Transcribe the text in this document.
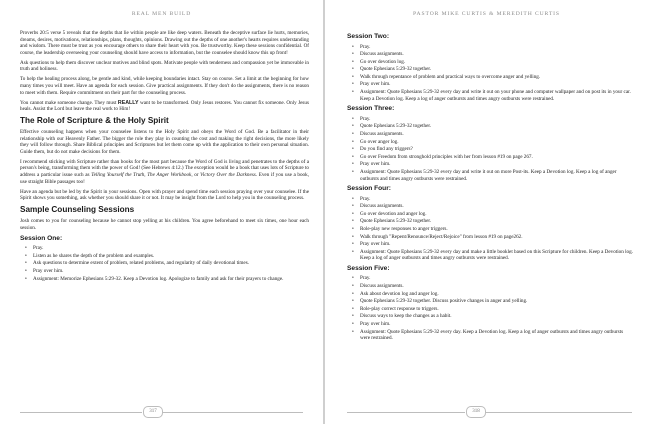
REAL MEN BUILD

Proverbs 20:5 verse 5 reveals that the depths that lie within people are like deep waters. Beneath the deceptive surface lie hurts, memories, dreams, desires, motivations, relationships, plans, thoughts, opinions. Drawing out the depths of one another's hearts requires understanding and wisdom. There must be trust as you encourage others to share their heart with you. Be trustworthy. Keep these sessions confidential. Of course, the leadership overseeing your counseling should have access to information, but the counselee should know this up front!

Ask questions to help them discover unclear motives and blind spots. Motivate people with tenderness and compassion yet be immovable in truth and holiness.

To help the healing process along, be gentle and kind, while keeping boundaries intact. Stay on course. Set a limit at the beginning for how many times you will meet. Have an agenda for each session. Give practical assignments. If they don't do the assignments, there is no reason to meet with them. Require commitment on their part for the counseling process.

You cannot make someone change. They must REALLY want to be transformed. Only Jesus restores. You cannot fix someone. Only Jesus heals. Assist the Lord but leave the real work to Him!

The Role of Scripture & the Holy Spirit

Effective counseling happens when your counselee listens to the Holy Spirit and obeys the Word of God. Be a facilitator in their relationship with our Heavenly Father. The bigger the role they play in counting the cost and making the right decisions, the more likely they will follow through. Share Biblical principles and Scriptures but let them come up with the application to their own personal situation. Guide them, but do not make decisions for them.

I recommend sticking with Scripture rather than books for the most part because the Word of God is living and penetrates to the depths of a person's being, transforming them with the power of God! (See Hebrews 4:12.) The exception would be a book that uses lots of Scripture to address a particular issue such as Telling Yourself the Truth, The Anger Workbook, or Victory Over the Darkness. Even if you use a book, use straight Bible passages too!

Have an agenda but be led by the Spirit in your sessions. Open with prayer and spend time each session praying over your counselee. If the Spirit shows you something, ask whether you should share it or not. It may be insight from the Lord to help you in the counseling process.

Sample Counseling Sessions

Josh comes to you for counseling because he cannot stop yelling at his children. You agree beforehand to meet six times, one hour each session.

Session One:
• Pray.
• Listen as he shares the depth of the problem and examples.
• Ask questions to determine extent of problem, related problems, and regularity of daily devotional times.
• Pray over him.
• Assignment: Memorize Ephesians 5:29-32. Keep a Devotion log. Apologize to family and ask for their prayers to change.
317
PASTOR MIKE CURTIS & MEREDITH CURTIS
Session Two:
• Pray.
• Discuss assignments.
• Go over devotion log.
• Quote Ephesians 5:29-32 together.
• Walk through repentance of problem and practical ways to overcome anger and yelling.
• Pray over him.
• Assignment: Quote Ephesians 5:29-32 every day and write it out on your phone and computer wallpaper and on post its in your car. Keep a Devotion log. Keep a log of anger outbursts and times angry outbursts were restrained.
Session Three:
• Pray.
• Quote Ephesians 5:29-32 together.
• Discuss assignments.
• Go over anger log.
• Do you find any triggers?
• Go over Freedom from stronghold principles with her from lesson #19 on page 267.
• Pray over him.
• Assignment: Quote Ephesians 5:29-32 every day and write it out on more Post-its. Keep a Devotion log. Keep a log of anger outbursts and times angry outbursts were restrained.
Session Four:
• Pray.
• Discuss assignments.
• Go over devotion and anger log.
• Quote Ephesians 5:29-32 together.
• Role-play new responses to anger triggers.
• Walk through "Repent/Renounce/Reject/Rejoice" from lesson #19 on page262.
• Pray over him.
• Assignment: Quote Ephesians 5:29-32 every day and make a little booklet based on this Scripture for children. Keep a Devotion log. Keep a log of anger outbursts and times angry outbursts were restrained.
Session Five:
• Pray.
• Discuss assignments.
• Ask about devotion log and anger log.
• Quote Ephesians 5:29-32 together. Discuss positive changes in anger and yelling.
• Role-play correct response to triggers.
• Discuss ways to keep the changes as a habit.
• Pray over him.
• Assignment: Quote Ephesians 5:29-32 every day. Keep a Devotion log. Keep a log of anger outbursts and times angry outbursts were restrained.
318
